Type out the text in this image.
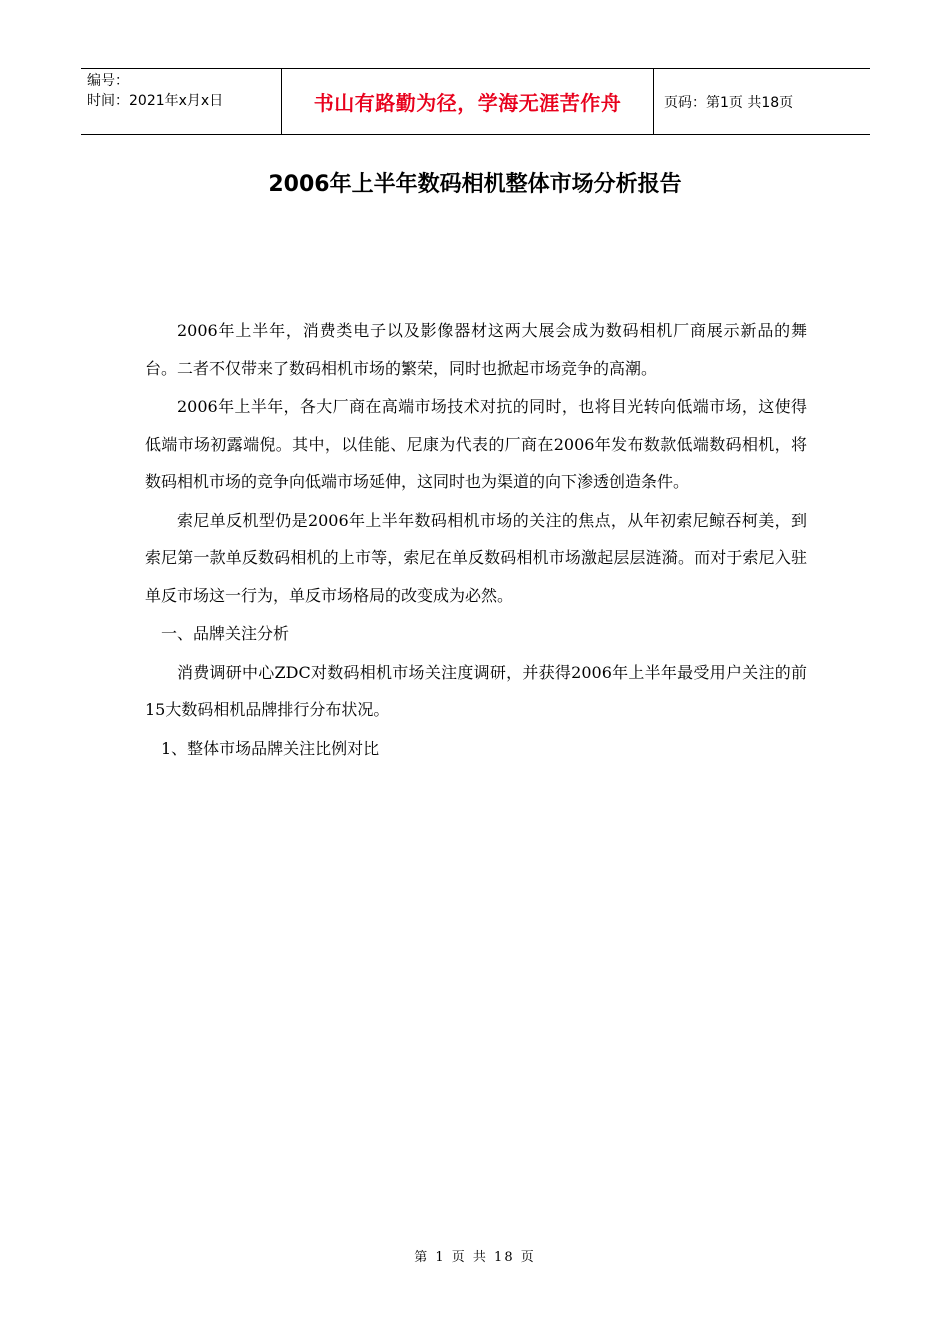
编号：
时间：2021年x月x日	书山有路勤为径，学海无涯苦作舟	页码：第1页 共18页
2006年上半年数码相机整体市场分析报告

2006年上半年，消费类电子以及影像器材这两大展会成为数码相机厂商展示新品的舞台。二者不仅带来了数码相机市场的繁荣，同时也掀起市场竞争的高潮。

2006年上半年，各大厂商在高端市场技术对抗的同时，也将目光转向低端市场，这使得低端市场初露端倪。其中，以佳能、尼康为代表的厂商在2006年发布数款低端数码相机，将数码相机市场的竞争向低端市场延伸，这同时也为渠道的向下渗透创造条件。

索尼单反机型仍是2006年上半年数码相机市场的关注的焦点，从年初索尼鲸吞柯美，到索尼第一款单反数码相机的上市等，索尼在单反数码相机市场激起层层涟漪。而对于索尼入驻单反市场这一行为，单反市场格局的改变成为必然。

一、品牌关注分析

消费调研中心ZDC对数码相机市场关注度调研，并获得2006年上半年最受用户关注的前15大数码相机品牌排行分布状况。

1、整体市场品牌关注比例对比

第 1 页 共 18 页
